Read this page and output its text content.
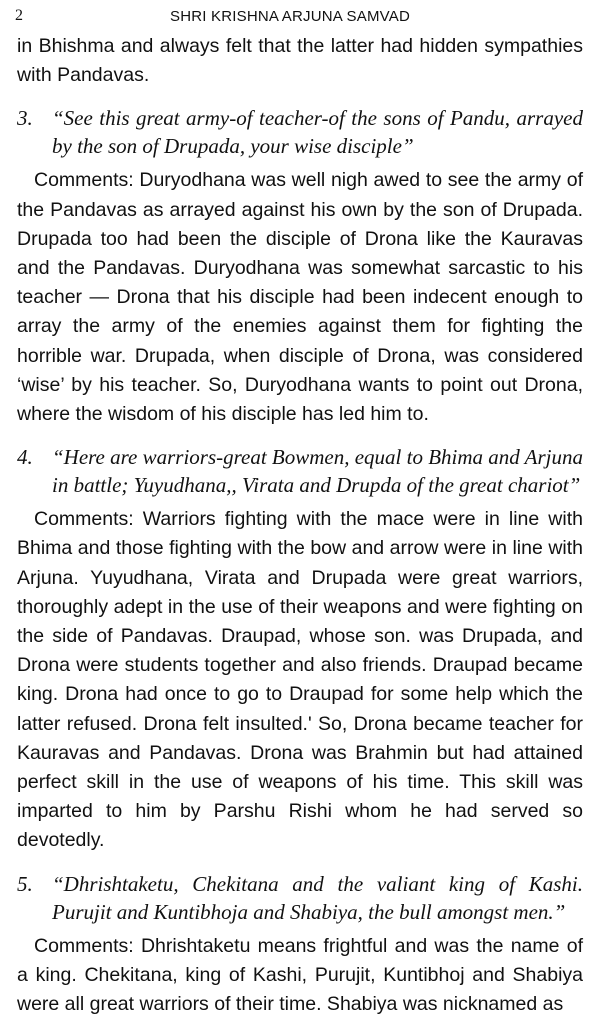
2	SHRI KRISHNA ARJUNA SAMVAD

in Bhishma and always felt that the latter had hidden sympathies with Pandavas.

3. “See this great army-of teacher-of the sons of Pandu, arrayed by the son of Drupada, your wise disciple”

Comments: Duryodhana was well nigh awed to see the army of the Pandavas as arrayed against his own by the son of Drupada. Drupada too had been the disciple of Drona like the Kauravas and the Pandavas. Duryodhana was somewhat sarcastic to his teacher — Drona that his disciple had been indecent enough to array the army of the enemies against them for fighting the horrible war. Drupada, when disciple of Drona, was considered ‘wise’ by his teacher. So, Duryodhana wants to point out Drona, where the wisdom of his disciple has led him to.

4. “Here are warriors-great Bowmen, equal to Bhima and Arjuna in battle; Yuyudhana,, Virata and Drupda of the great chariot”

Comments: Warriors fighting with the mace were in line with Bhima and those fighting with the bow and arrow were in line with Arjuna. Yuyudhana, Virata and Drupada were great warriors, thoroughly adept in the use of their weapons and were fighting on the side of Pandavas. Draupad, whose son. was Drupada, and Drona were students together and also friends. Draupad became king. Drona had once to go to Draupad for some help which the latter refused. Drona felt insulted.' So, Drona became teacher for Kauravas and Pandavas. Drona was Brahmin but had attained perfect skill in the use of weapons of his time. This skill was imparted to him by Parshu Rishi whom he had served so devotedly.

5. “Dhrishtaketu, Chekitana and the valiant king of Kashi. Purujit and Kuntibhoja and Shabiya, the bull amongst men.”

Comments: Dhrishtaketu means frightful and was the name of a king. Chekitana, king of Kashi, Purujit, Kuntibhoj and Shabiya were all great warriors of their time. Shabiya was nicknamed as
